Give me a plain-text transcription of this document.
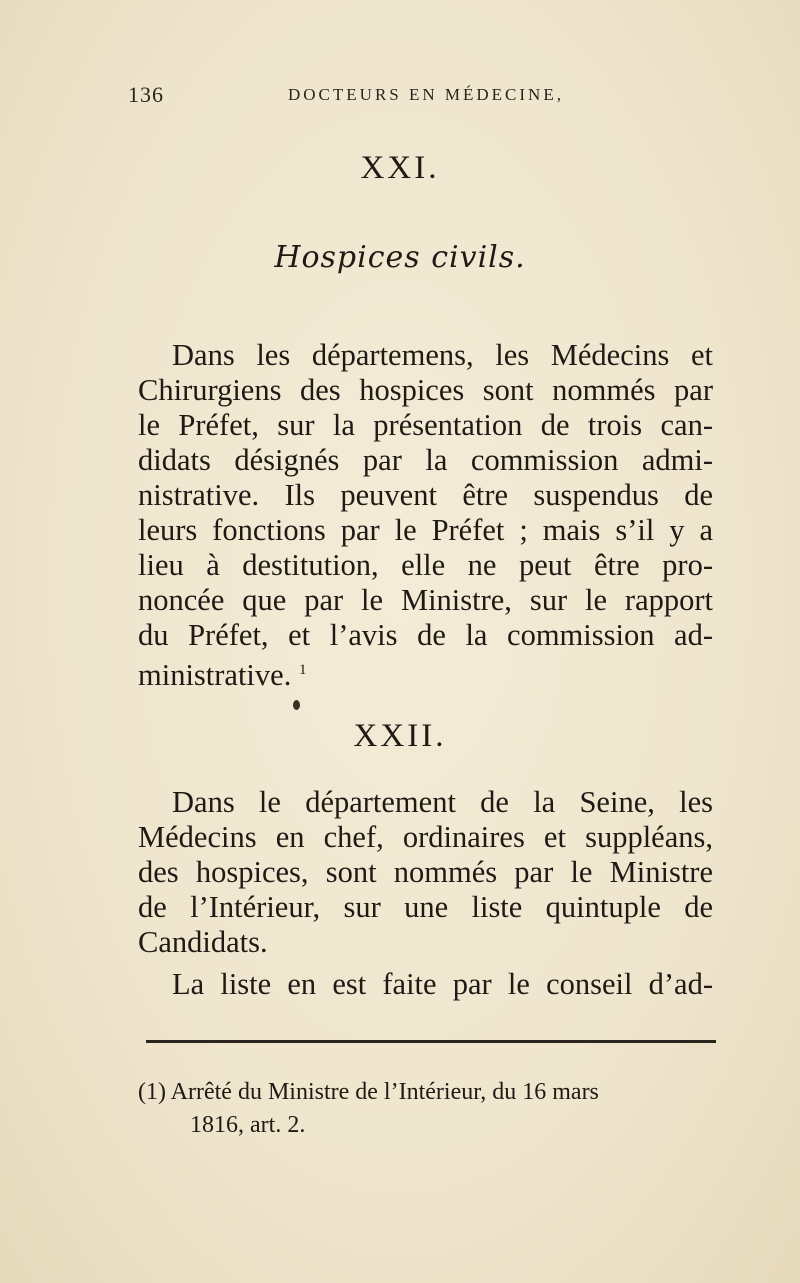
136	DOCTEURS EN MÉDECINE,
XXI.
Hospices civils.
Dans les départemens, les Médecins et
Chirurgiens des hospices sont nommés par
le Préfet, sur la présentation de trois can-
didats désignés par la commission admi-
nistrative. Ils peuvent être suspendus de
leurs fonctions par le Préfet ; mais s’il y a
lieu à destitution, elle ne peut être pro-
noncée que par le Ministre, sur le rapport
du Préfet, et l’avis de la commission ad-
ministrative. $^1$
XXII.
Dans le département de la Seine, les
Médecins en chef, ordinaires et suppléans,
des hospices, sont nommés par le Ministre
de l’Intérieur, sur une liste quintuple de
Candidats.
La liste en est faite par le conseil d’ad-
(1) Arrêté du Ministre de l’Intérieur, du 16 mars
1816, art. 2.
